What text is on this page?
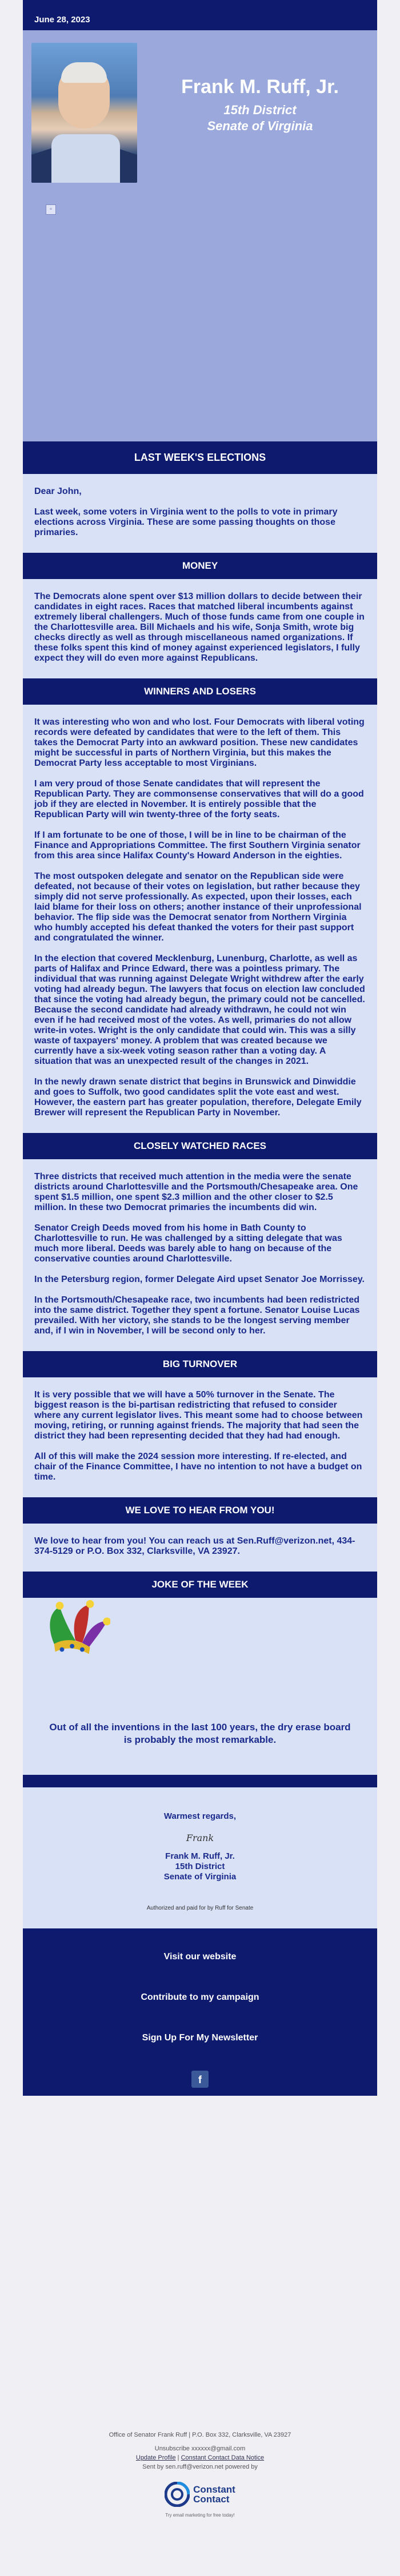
June 28, 2023
Frank M. Ruff, Jr.
15th District
Senate of Virginia
▫
LAST WEEK'S ELECTIONS

Dear John,

Last week, some voters in Virginia went to the polls to vote in primary elections across Virginia. These are some passing thoughts on those primaries.

MONEY

The Democrats alone spent over $13 million dollars to decide between their candidates in eight races. Races that matched liberal incumbents against extremely liberal challengers. Much of those funds came from one couple in the Charlottesville area. Bill Michaels and his wife, Sonja Smith, wrote big checks directly as well as through miscellaneous named organizations. If these folks spent this kind of money against experienced legislators, I fully expect they will do even more against Republicans.

WINNERS AND LOSERS

It was interesting who won and who lost. Four Democrats with liberal voting records were defeated by candidates that were to the left of them. This takes the Democrat Party into an awkward position. These new candidates might be successful in parts of Northern Virginia, but this makes the Democrat Party less acceptable to most Virginians.

I am very proud of those Senate candidates that will represent the Republican Party. They are commonsense conservatives that will do a good job if they are elected in November. It is entirely possible that the Republican Party will win twenty-three of the forty seats.

If I am fortunate to be one of those, I will be in line to be chairman of the Finance and Appropriations Committee. The first Southern Virginia senator from this area since Halifax County's Howard Anderson in the eighties.

The most outspoken delegate and senator on the Republican side were defeated, not because of their votes on legislation, but rather because they simply did not serve professionally. As expected, upon their losses, each laid blame for their loss on others; another instance of their unprofessional behavior. The flip side was the Democrat senator from Northern Virginia who humbly accepted his defeat thanked the voters for their past support and congratulated the winner.

In the election that covered Mecklenburg, Lunenburg, Charlotte, as well as parts of Halifax and Prince Edward, there was a pointless primary. The individual that was running against Delegate Wright withdrew after the early voting had already begun. The lawyers that focus on election law concluded that since the voting had already begun, the primary could not be cancelled. Because the second candidate had already withdrawn, he could not win even if he had received most of the votes. As well, primaries do not allow write-in votes. Wright is the only candidate that could win. This was a silly waste of taxpayers' money. A problem that was created because we currently have a six-week voting season rather than a voting day. A situation that was an unexpected result of the changes in 2021.

In the newly drawn senate district that begins in Brunswick and Dinwiddie and goes to Suffolk, two good candidates split the vote east and west. However, the eastern part has greater population, therefore, Delegate Emily Brewer will represent the Republican Party in November.

CLOSELY WATCHED RACES

Three districts that received much attention in the media were the senate districts around Charlottesville and the Portsmouth/Chesapeake area. One spent $1.5 million, one spent $2.3 million and the other closer to $2.5 million. In these two Democrat primaries the incumbents did win.

Senator Creigh Deeds moved from his home in Bath County to Charlottesville to run. He was challenged by a sitting delegate that was much more liberal. Deeds was barely able to hang on because of the conservative counties around Charlottesville.

In the Petersburg region, former Delegate Aird upset Senator Joe Morrissey.

In the Portsmouth/Chesapeake race, two incumbents had been redistricted into the same district. Together they spent a fortune. Senator Louise Lucas prevailed. With her victory, she stands to be the longest serving member and, if I win in November, I will be second only to her.

BIG TURNOVER

It is very possible that we will have a 50% turnover in the Senate. The biggest reason is the bi-partisan redistricting that refused to consider where any current legislator lives. This meant some had to choose between moving, retiring, or running against friends. The majority that had seen the district they had been representing decided that they had had enough.

All of this will make the 2024 session more interesting. If re-elected, and chair of the Finance Committee, I have no intention to not have a budget on time.

WE LOVE TO HEAR FROM YOU!

We love to hear from you! You can reach us at Sen.Ruff@verizon.net, 434-374-5129 or P.O. Box 332, Clarksville, VA 23927.

JOKE OF THE WEEK
Out of all the inventions in the last 100 years, the dry erase board is probably the most remarkable.
Warmest regards,
Frank
Frank M. Ruff, Jr.
15th District
Senate of Virginia
Authorized and paid for by Ruff for Senate
Visit our website
Contribute to my campaign
Sign Up For My Newsletter
f
Office of Senator Frank Ruff | P.O. Box 332, Clarksville, VA 23927
Unsubscribe xxxxxx@gmail.com
Update Profile | Constant Contact Data Notice
Sent by sen.ruff@verizon.net powered by
Constant
Contact
Try email marketing for free today!
